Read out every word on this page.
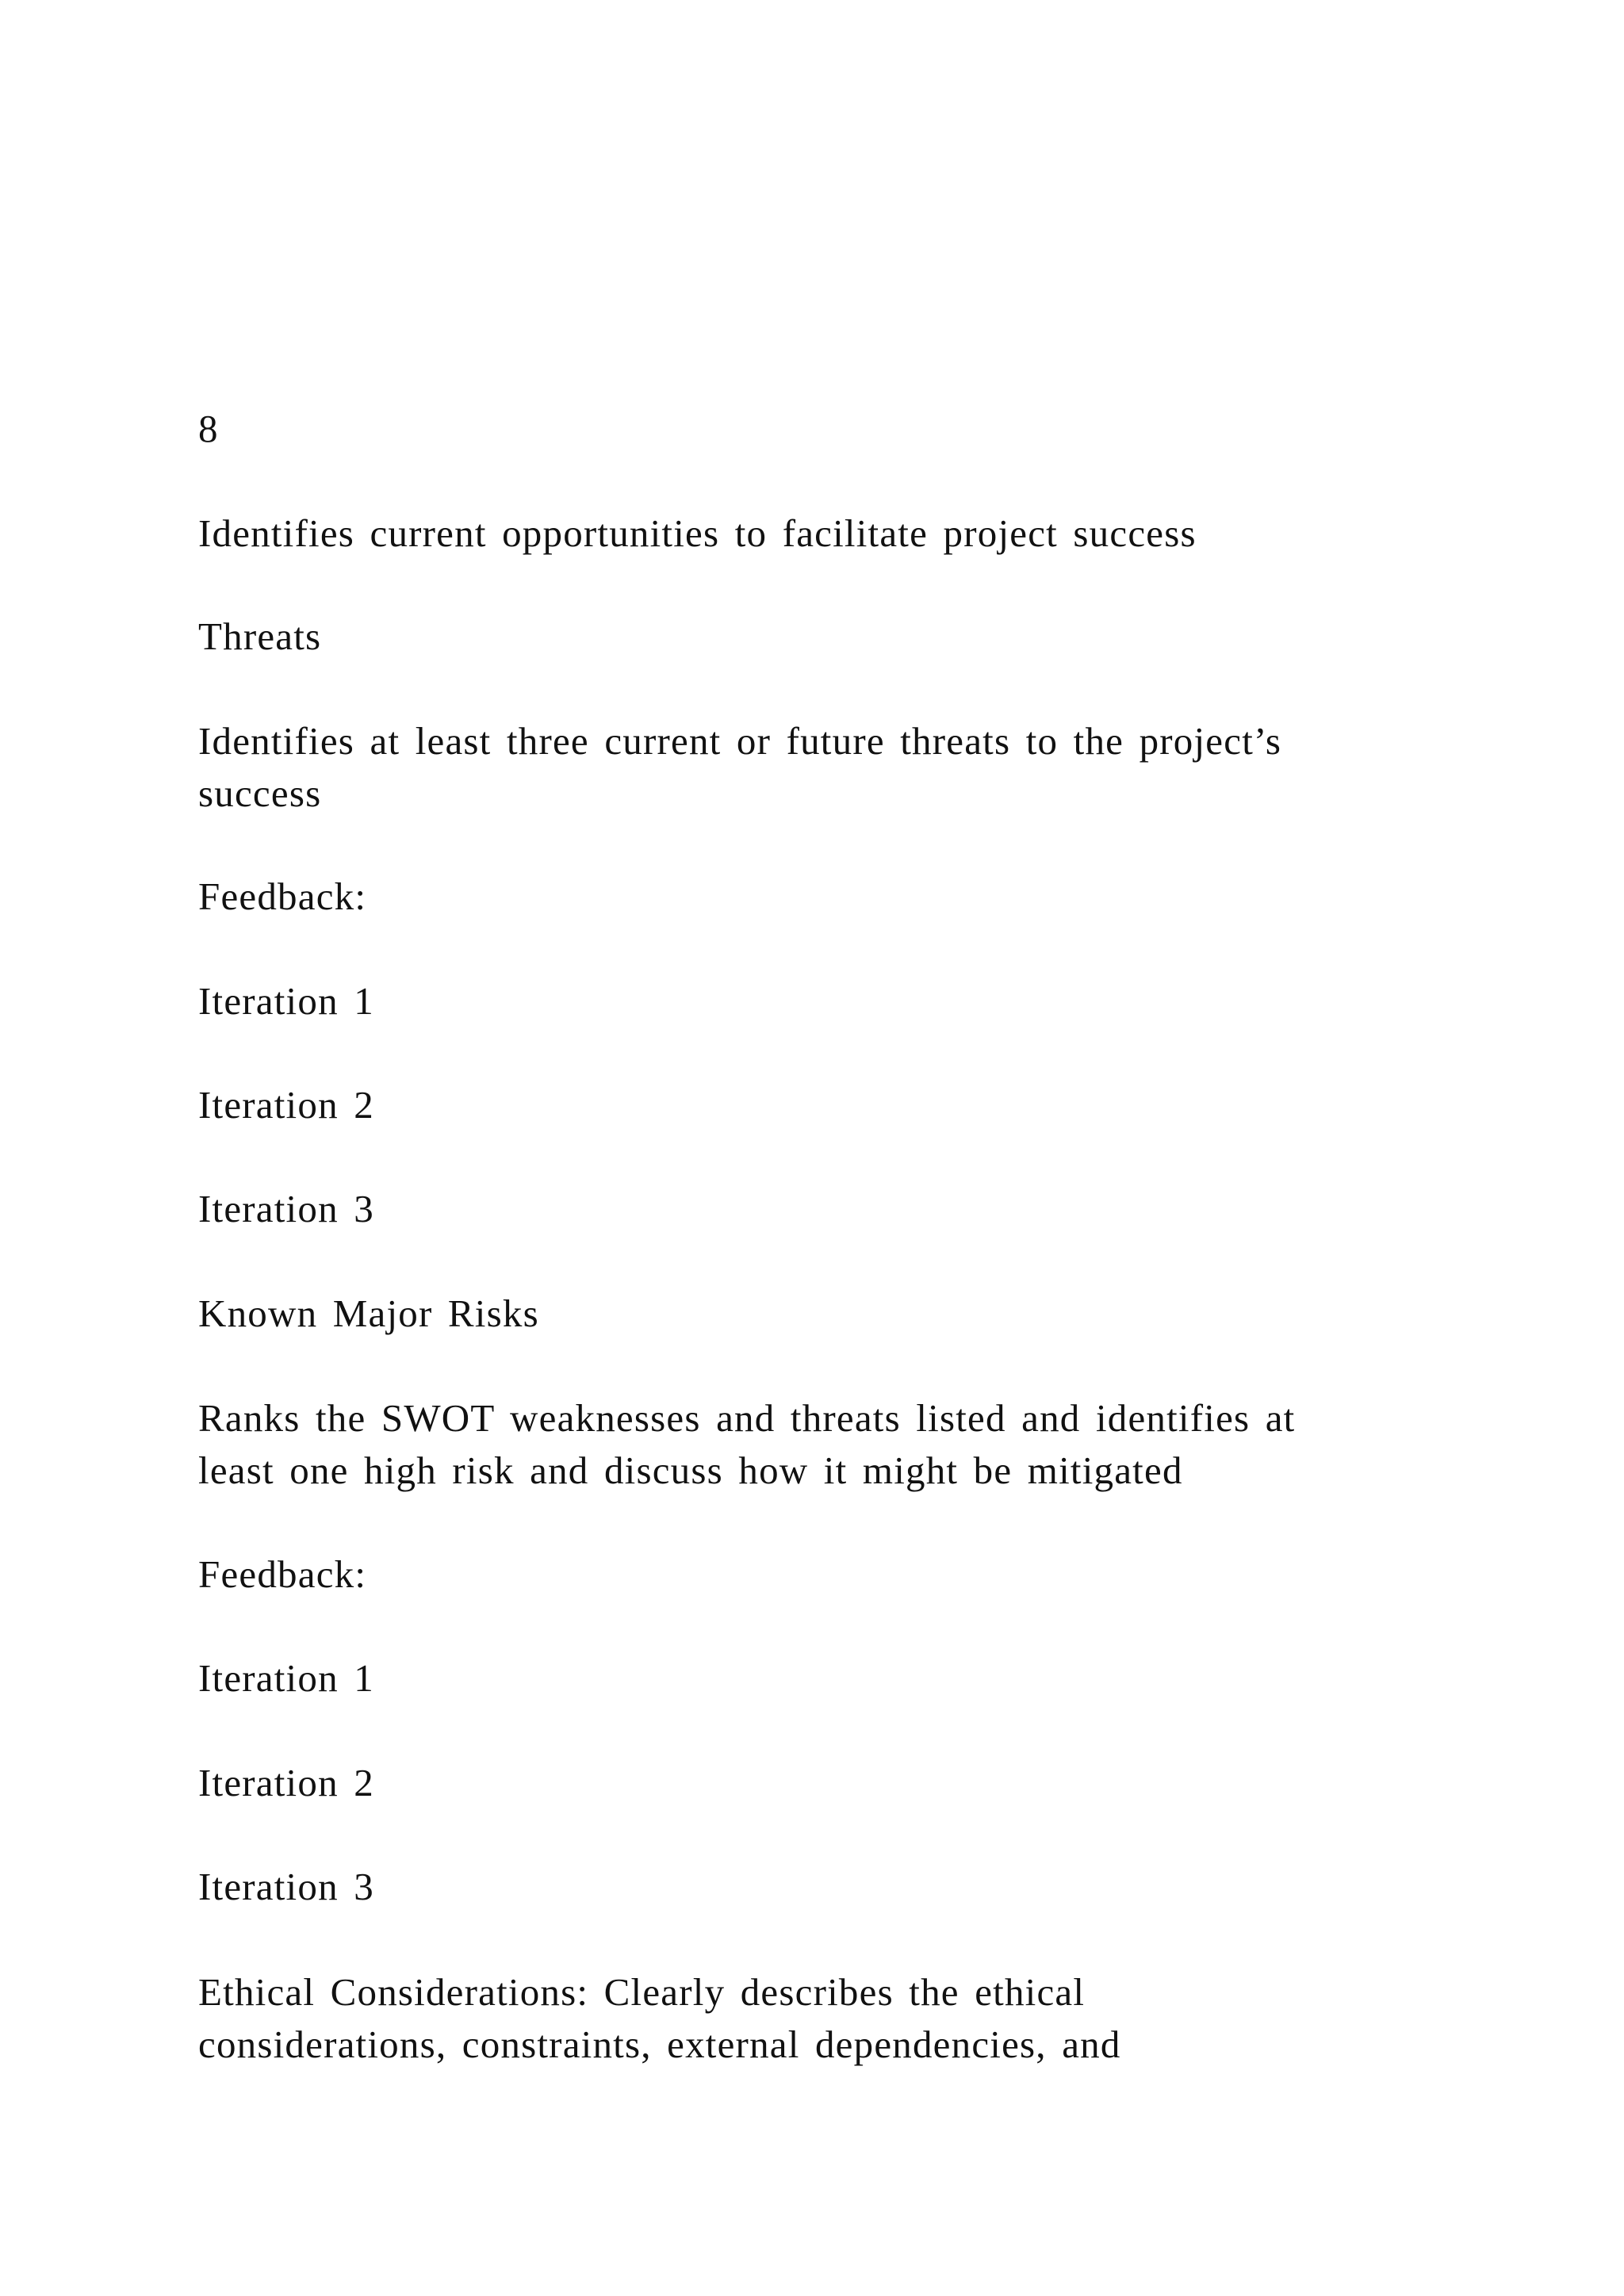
8

Identifies current opportunities to facilitate project success

Threats

Identifies at least three current or future threats to the project’s
success

Feedback:

Iteration 1

Iteration 2

Iteration 3

Known Major Risks

Ranks the SWOT weaknesses and threats listed and identifies at
least one high risk and discuss how it might be mitigated

Feedback:

Iteration 1

Iteration 2

Iteration 3

Ethical Considerations: Clearly describes the ethical
considerations, constraints, external dependencies, and
